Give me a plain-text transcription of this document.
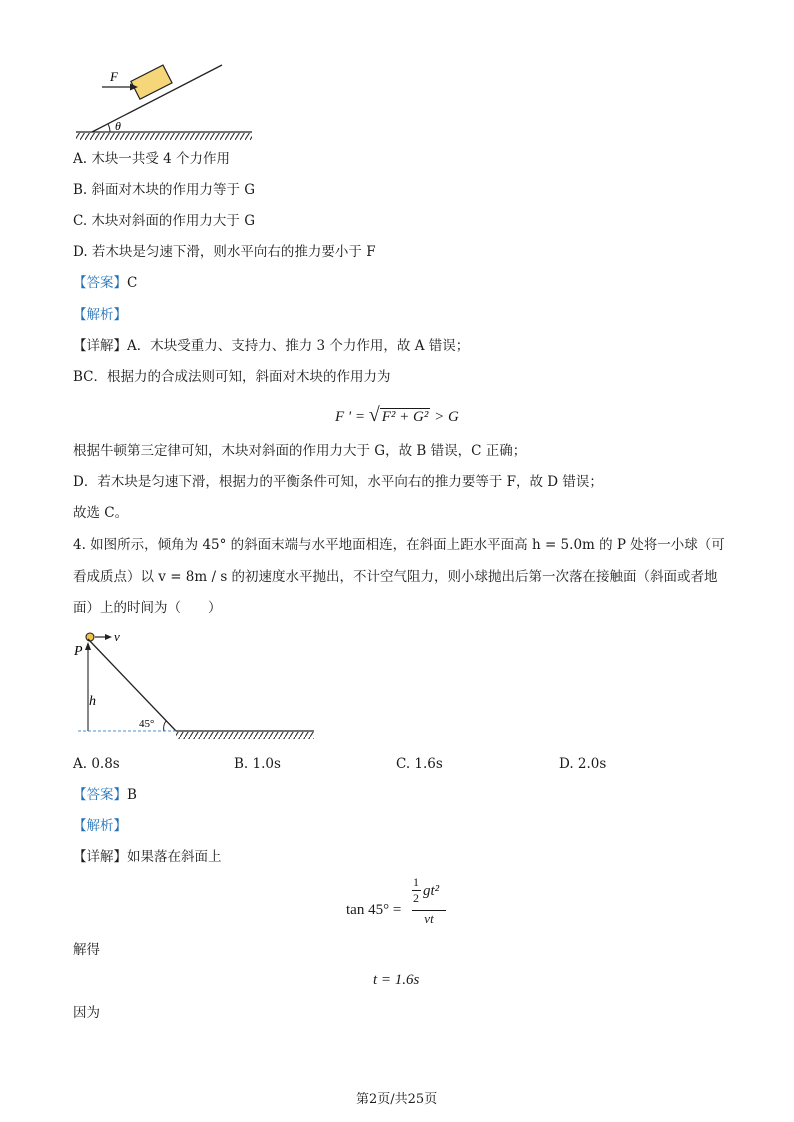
F
θ
A. 木块一共受 4 个力作用
B. 斜面对木块的作用力等于 G
C. 木块对斜面的作用力大于 G
D. 若木块是匀速下滑，则水平向右的推力要小于 F
【答案】C
【解析】
【详解】A．木块受重力、支持力、推力 3 个力作用，故 A 错误；
BC．根据力的合成法则可知，斜面对木块的作用力为
F ' = √ F² + G² > G
根据牛顿第三定律可知，木块对斜面的作用力大于 G，故 B 错误，C 正确；
D．若木块是匀速下滑，根据力的平衡条件可知，水平向右的推力要等于 F，故 D 错误；
故选 C。
4. 如图所示，倾角为 45° 的斜面末端与水平地面相连，在斜面上距水平面高 h = 5.0m 的 P 处将一小球（可
看成质点）以 v = 8m / s 的初速度水平抛出，不计空气阻力，则小球抛出后第一次落在接触面（斜面或者地
面）上的时间为（　　）
v
P
h
45°
A. 0.8s	B. 1.0s	C. 1.6s	D. 2.0s
【答案】B
【解析】
【详解】如果落在斜面上
tan 45° =
1
2 gt²
vt
解得
t = 1.6s
因为
第2页/共25页
